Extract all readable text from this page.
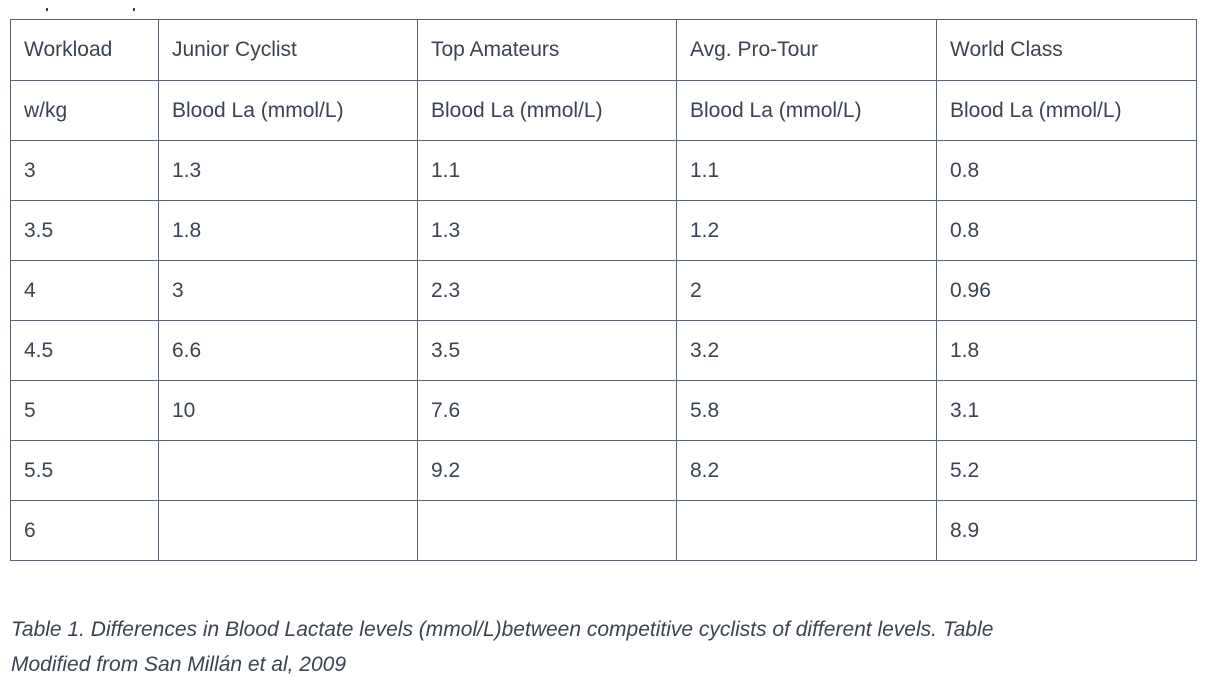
Workload	Junior Cyclist	Top Amateurs	Avg. Pro-Tour	World Class
w/kg	Blood La (mmol/L)	Blood La (mmol/L)	Blood La (mmol/L)	Blood La (mmol/L)
3	1.3	1.1	1.1	0.8
3.5	1.8	1.3	1.2	0.8
4	3	2.3	2	0.96
4.5	6.6	3.5	3.2	1.8
5	10	7.6	5.8	3.1
5.5		9.2	8.2	5.2
6				8.9
Table 1. Differences in Blood Lactate levels (mmol/L)between competitive cyclists of different levels. Table
Modified from San Millán et al, 2009
